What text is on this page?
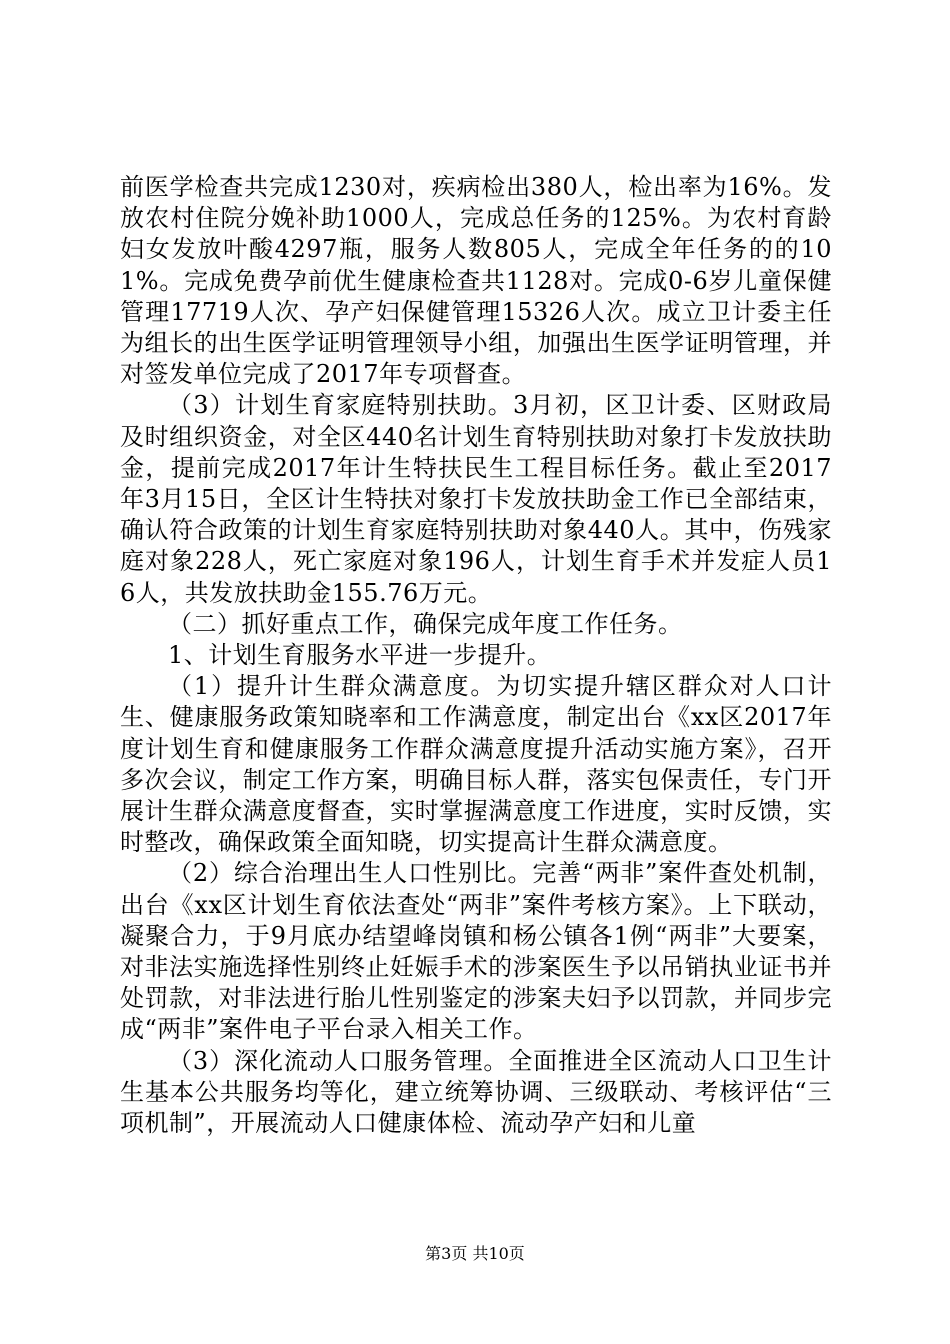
前医学检查共完成1230对，疾病检出380人，检出率为16%。发放农村住院分娩补助1000人，完成总任务的125%。为农村育龄妇女发放叶酸4297瓶，服务人数805人，完成全年任务的的101%。完成免费孕前优生健康检查共1128对。完成0-6岁儿童保健管理17719人次、孕产妇保健管理15326人次。成立卫计委主任为组长的出生医学证明管理领导小组，加强出生医学证明管理，并对签发单位完成了2017年专项督查。

（3）计划生育家庭特别扶助。3月初，区卫计委、区财政局及时组织资金，对全区440名计划生育特别扶助对象打卡发放扶助金，提前完成2017年计生特扶民生工程目标任务。截止至2017年3月15日，全区计生特扶对象打卡发放扶助金工作已全部结束，确认符合政策的计划生育家庭特别扶助对象440人。其中，伤残家庭对象228人，死亡家庭对象196人，计划生育手术并发症人员16人，共发放扶助金155.76万元。

（二）抓好重点工作，确保完成年度工作任务。

1、计划生育服务水平进一步提升。

（1）提升计生群众满意度。为切实提升辖区群众对人口计生、健康服务政策知晓率和工作满意度，制定出台《xx区2017年度计划生育和健康服务工作群众满意度提升活动实施方案》，召开多次会议，制定工作方案，明确目标人群，落实包保责任，专门开展计生群众满意度督查，实时掌握满意度工作进度，实时反馈，实时整改，确保政策全面知晓，切实提高计生群众满意度。

（2）综合治理出生人口性别比。完善“两非”案件查处机制，出台《xx区计划生育依法查处“两非”案件考核方案》。上下联动，凝聚合力，于9月底办结望峰岗镇和杨公镇各1例“两非”大要案，对非法实施选择性别终止妊娠手术的涉案医生予以吊销执业证书并处罚款，对非法进行胎儿性别鉴定的涉案夫妇予以罚款，并同步完成“两非”案件电子平台录入相关工作。

（3）深化流动人口服务管理。全面推进全区流动人口卫生计生基本公共服务均等化，建立统筹协调、三级联动、考核评估“三项机制”，开展流动人口健康体检、流动孕产妇和儿童

第3页 共10页
